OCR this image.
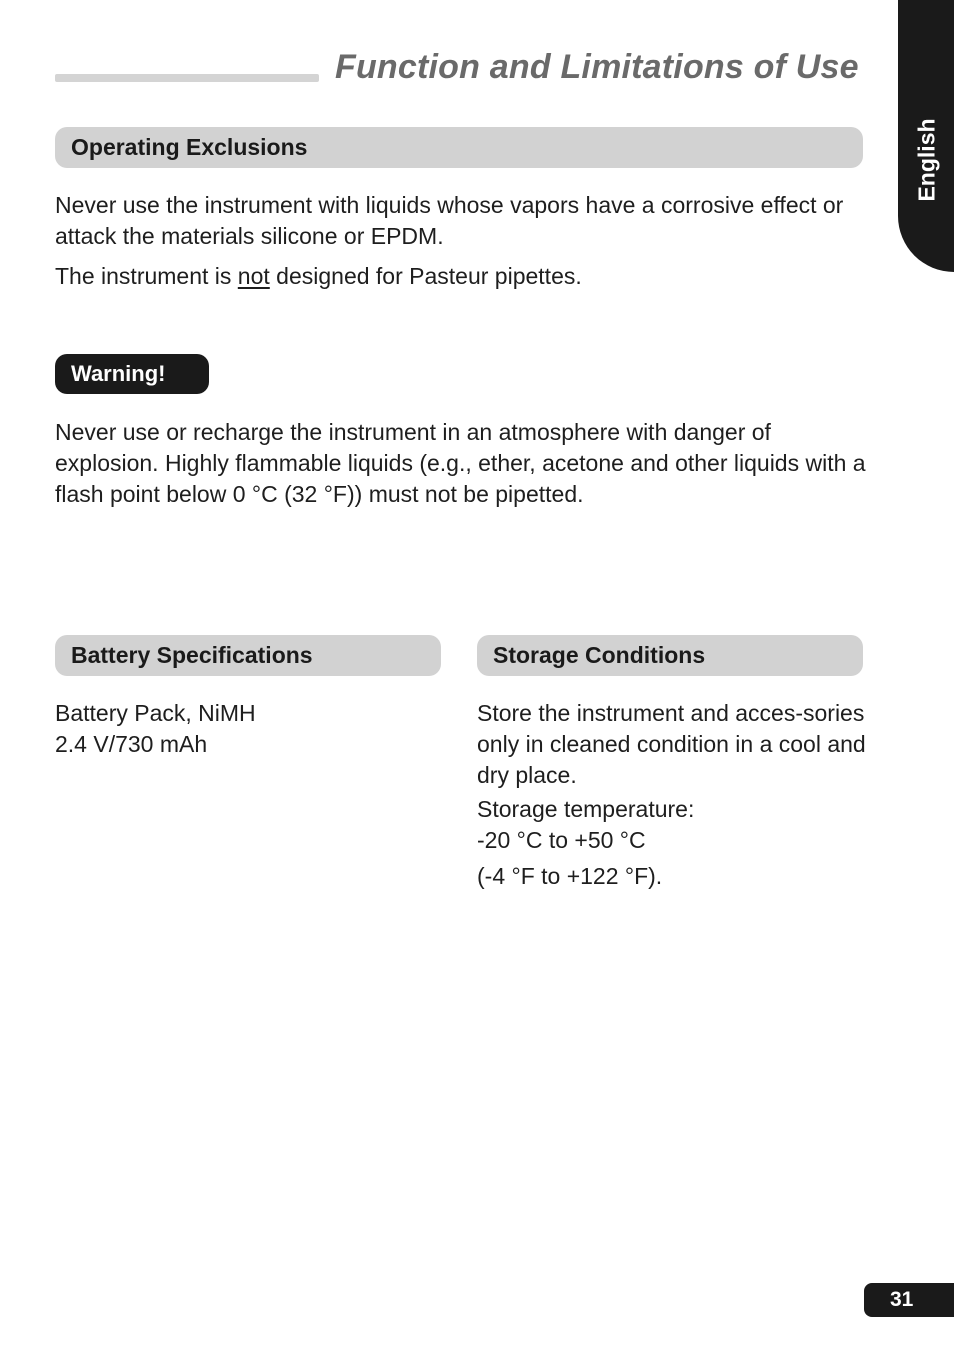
Function and Limitations of Use
English
Operating Exclusions

Never use the instrument with liquids whose vapors have a corrosive effect or attack the materials silicone or EPDM.

The instrument is not designed for Pasteur pipettes.

Warning!

Never use or recharge the instrument in an atmosphere with danger of explosion. Highly flammable liquids (e.g., ether, acetone and other liquids with a flash point below 0 °C (32 °F)) must not be pipetted.

Battery Specifications

Battery Pack, NiMH
2.4 V/730 mAh

Storage Conditions

Store the instrument and acces-sories only in cleaned condition in a cool and dry place.

Storage temperature:
-20 °C to +50 °C

(-4 °F to +122 °F).

31
